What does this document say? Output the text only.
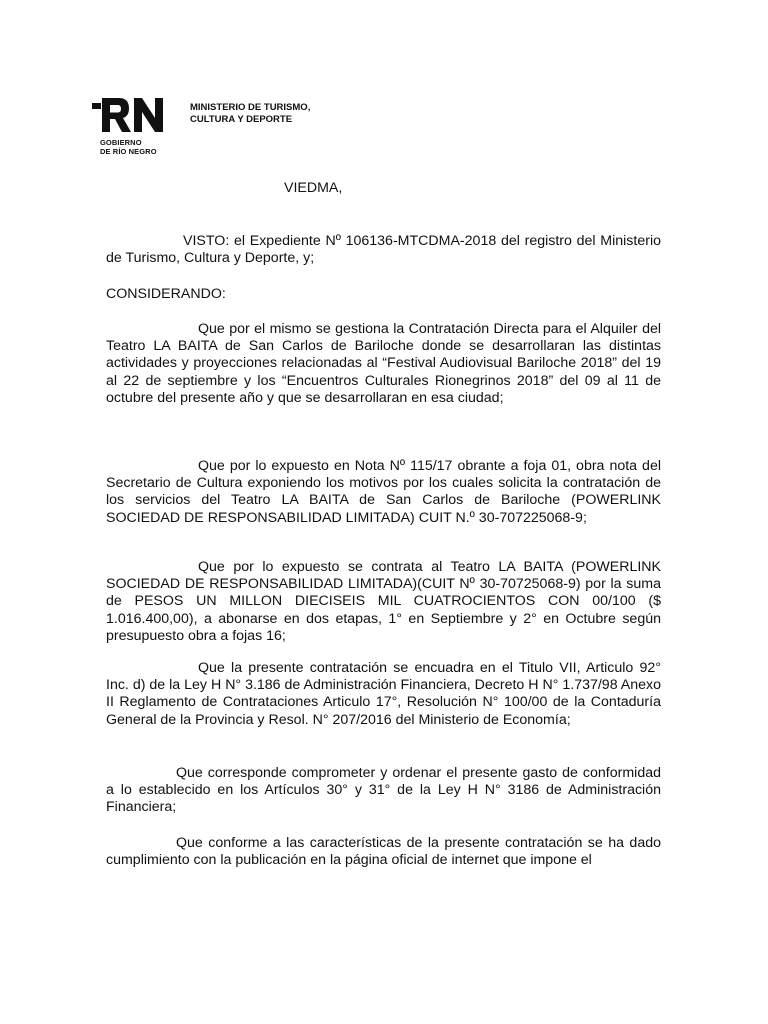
GOBIERNO
DE RÍO NEGRO
MINISTERIO DE TURISMO,
CULTURA Y DEPORTE
VIEDMA,

VISTO: el Expediente Nº 106136-MTCDMA-2018 del registro del Ministerio de Turismo, Cultura y Deporte, y;

CONSIDERANDO:

Que por el mismo se gestiona la Contratación Directa para el Alquiler del Teatro LA BAITA de San Carlos de Bariloche donde se desarrollaran las distintas actividades y proyecciones relacionadas al “Festival Audiovisual Bariloche 2018” del 19 al 22 de septiembre y los “Encuentros Culturales Rionegrinos 2018” del 09 al 11 de octubre del presente año y que se desarrollaran en esa ciudad;

Que por lo expuesto en Nota Nº 115/17 obrante a foja 01, obra nota del Secretario de Cultura exponiendo los motivos por los cuales solicita la contratación de los servicios del Teatro LA BAITA de San Carlos de Bariloche (POWERLINK SOCIEDAD DE RESPONSABILIDAD LIMITADA) CUIT N.º 30-707225068-9;

Que por lo expuesto se contrata al Teatro LA BAITA (POWERLINK SOCIEDAD DE RESPONSABILIDAD LIMITADA)(CUIT Nº 30-70725068-9) por la suma de PESOS UN MILLON DIECISEIS MIL CUATROCIENTOS CON 00/100 ($ 1.016.400,00), a abonarse en dos etapas, 1° en Septiembre y 2° en Octubre según presupuesto obra a fojas 16;

Que la presente contratación se encuadra en el Titulo VII, Articulo 92° Inc. d) de la Ley H N° 3.186 de Administración Financiera, Decreto H N° 1.737/98 Anexo II Reglamento de Contrataciones Articulo 17°, Resolución N° 100/00 de la Contaduría General de la Provincia y Resol. N° 207/2016 del Ministerio de Economía;

Que corresponde comprometer y ordenar el presente gasto de conformidad a lo establecido en los Artículos 30° y 31° de la Ley H N° 3186 de Administración Financiera;

Que conforme a las características de la presente contratación se ha dado cumplimiento con la publicación en la página oficial de internet que impone el
